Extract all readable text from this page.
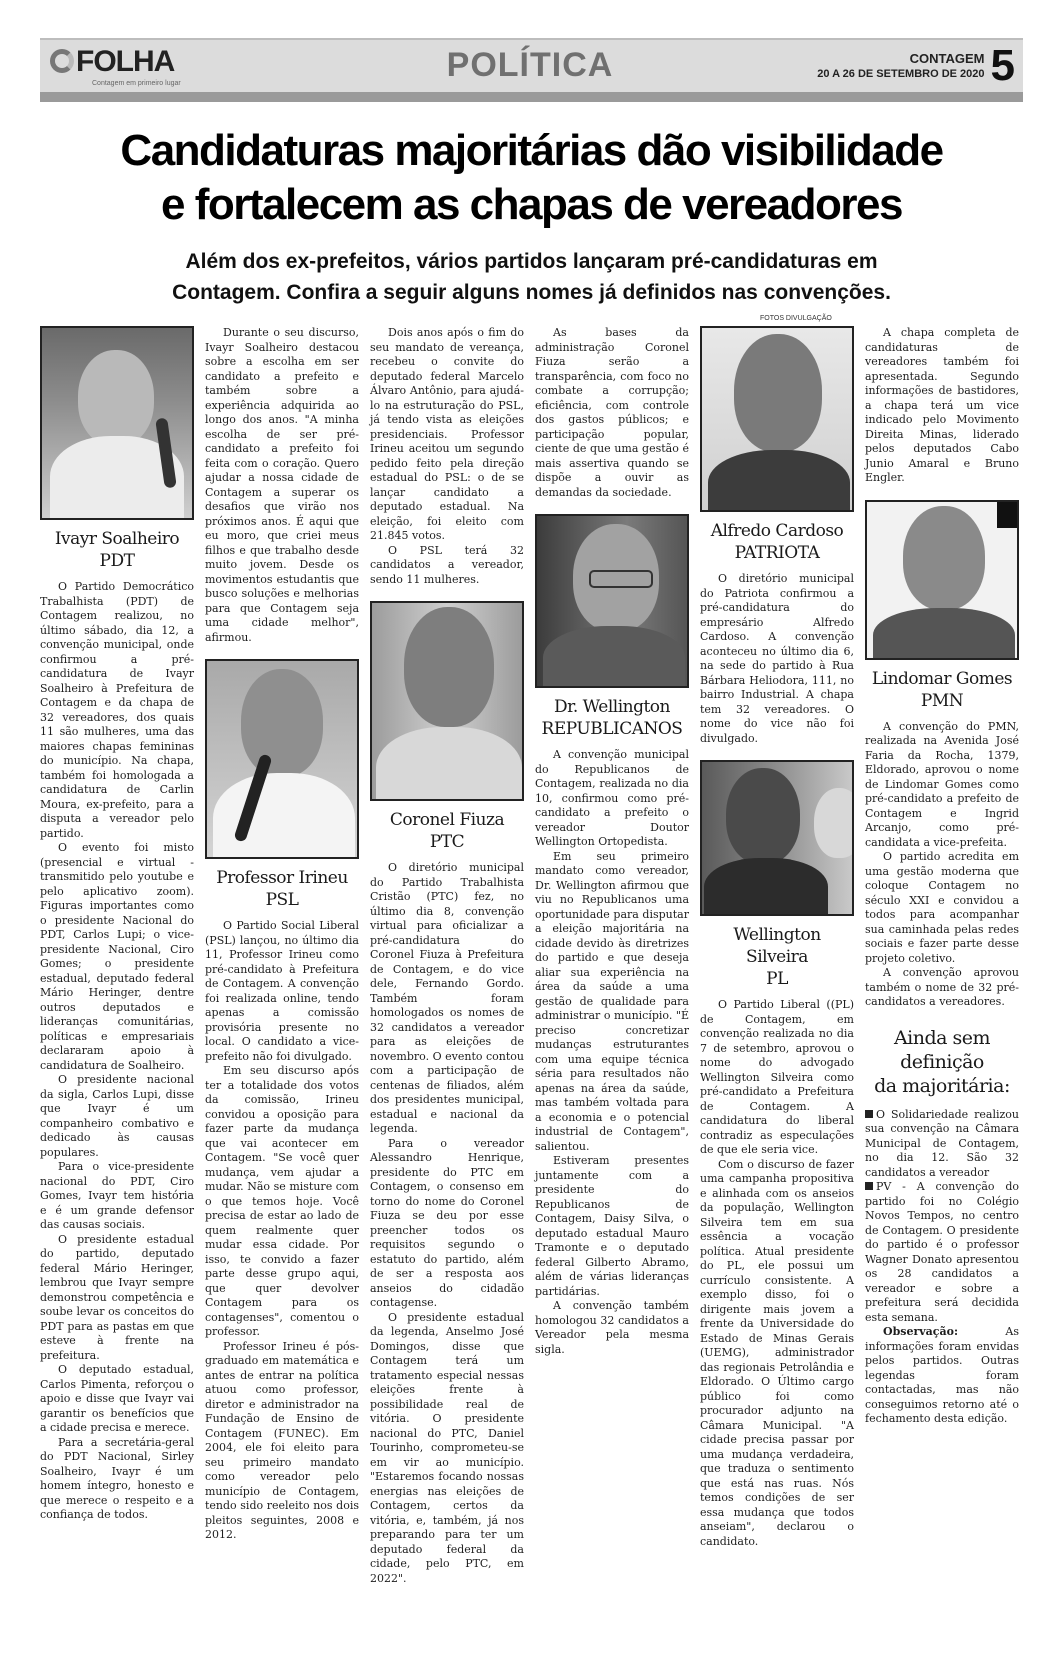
FOLHA
Contagem em primeiro lugar	POLÍTICA	CONTAGEM
20 A 26 DE SETEMBRO DE 2020 5
Candidaturas majoritárias dão visibilidade
e fortalecem as chapas de vereadores
Além dos ex-prefeitos, vários partidos lançaram pré-candidaturas em
Contagem. Confira a seguir alguns nomes já definidos nas convenções.
FOTOS DIVULGAÇÃO
Ivayr Soalheiro
PDT

O Partido Democrático Trabalhista (PDT) de Contagem realizou, no último sábado, dia 12, a convenção municipal, onde confirmou a pré-candidatura de Ivayr Soalheiro à Prefeitura de Contagem e da chapa de 32 vereadores, dos quais 11 são mulheres, uma das maiores chapas femininas do município. Na chapa, também foi homologada a candidatura de Carlin Moura, ex-prefeito, para a disputa a vereador pelo partido.

O evento foi misto (presencial e virtual - transmitido pelo youtube e pelo aplicativo zoom). Figuras importantes como o presidente Nacional do PDT, Carlos Lupi; o vice-presidente Nacional, Ciro Gomes; o presidente estadual, deputado federal Mário Heringer, dentre outros deputados e lideranças comunitárias, políticas e empresariais declararam apoio à candidatura de Soalheiro.

O presidente nacional da sigla, Carlos Lupi, disse que Ivayr é um companheiro combativo e dedicado às causas populares.

Para o vice-presidente nacional do PDT, Ciro Gomes, Ivayr tem história e é um grande defensor das causas sociais.

O presidente estadual do partido, deputado federal Mário Heringer, lembrou que Ivayr sempre demonstrou competência e soube levar os conceitos do PDT para as pastas em que esteve à frente na prefeitura.

O deputado estadual, Carlos Pimenta, reforçou o apoio e disse que Ivayr vai garantir os benefícios que a cidade precisa e merece.

Para a secretária-geral do PDT Nacional, Sirley Soalheiro, Ivayr é um homem íntegro, honesto e que merece o respeito e a confiança de todos.

Durante o seu discurso, Ivayr Soalheiro destacou sobre a escolha em ser candidato a prefeito e também sobre a experiência adquirida ao longo dos anos. "A minha escolha de ser pré-candidato a prefeito foi feita com o coração. Quero ajudar a nossa cidade de Contagem a superar os desafios que virão nos próximos anos. É aqui que eu moro, que criei meus filhos e que trabalho desde muito jovem. Desde os movimentos estudantis que busco soluções e melhorias para que Contagem seja uma cidade melhor", afirmou.

Professor Irineu
PSL

O Partido Social Liberal (PSL) lançou, no último dia 11, Professor Irineu como pré-candidato à Prefeitura de Contagem. A convenção foi realizada online, tendo apenas a comissão provisória presente no local. O candidato a vice-prefeito não foi divulgado.

Em seu discurso após ter a totalidade dos votos da comissão, Irineu convidou a oposição para fazer parte da mudança que vai acontecer em Contagem. "Se você quer mudança, vem ajudar a mudar. Não se misture com o que temos hoje. Você precisa de estar ao lado de quem realmente quer mudar essa cidade. Por isso, te convido a fazer parte desse grupo aqui, que quer devolver Contagem para os contagenses", comentou o professor.

Professor Irineu é pós-graduado em matemática e antes de entrar na política atuou como professor, diretor e administrador na Fundação de Ensino de Contagem (FUNEC). Em 2004, ele foi eleito para seu primeiro mandato como vereador pelo município de Contagem, tendo sido reeleito nos dois pleitos seguintes, 2008 e 2012.

Dois anos após o fim do seu mandato de vereança, recebeu o convite do deputado federal Marcelo Álvaro Antônio, para ajudá-lo na estruturação do PSL, já tendo vista as eleições presidenciais. Professor Irineu aceitou um segundo pedido feito pela direção estadual do PSL: o de se lançar candidato a deputado estadual. Na eleição, foi eleito com 21.845 votos.

O PSL terá 32 candidatos a vereador, sendo 11 mulheres.

Coronel Fiuza
PTC

O diretório municipal do Partido Trabalhista Cristão (PTC) fez, no último dia 8, convenção virtual para oficializar a pré-candidatura do Coronel Fiuza à Prefeitura de Contagem, e do vice dele, Fernando Gordo. Também foram homologados os nomes de 32 candidatos a vereador para as eleições de novembro. O evento contou com a participação de centenas de filiados, além dos presidentes municipal, estadual e nacional da legenda.

Para o vereador Alessandro Henrique, presidente do PTC em Contagem, o consenso em torno do nome do Coronel Fiuza se deu por esse preencher todos os requisitos segundo o estatuto do partido, além de ser a resposta aos anseios do cidadão contagense.

O presidente estadual da legenda, Anselmo José Domingos, disse que Contagem terá um tratamento especial nessas eleições frente à possibilidade real de vitória. O presidente nacional do PTC, Daniel Tourinho, comprometeu-se em vir ao município. "Estaremos focando nossas energias nas eleições de Contagem, certos da vitória, e, também, já nos preparando para ter um deputado federal da cidade, pelo PTC, em 2022".

As bases da administração Coronel Fiuza serão a transparência, com foco no combate a corrupção; eficiência, com controle dos gastos públicos; e participação popular, ciente de que uma gestão é mais assertiva quando se dispõe a ouvir as demandas da sociedade.

Dr. Wellington
REPUBLICANOS

A convenção municipal do Republicanos de Contagem, realizada no dia 10, confirmou como pré-candidato a prefeito o vereador Doutor Wellington Ortopedista.

Em seu primeiro mandato como vereador, Dr. Wellington afirmou que viu no Republicanos uma oportunidade para disputar a eleição majoritária na cidade devido às diretrizes do partido e que deseja aliar sua experiência na área da saúde a uma gestão de qualidade para administrar o município. "É preciso concretizar mudanças estruturantes com uma equipe técnica séria para resultados não apenas na área da saúde, mas também voltada para a economia e o potencial industrial de Contagem", salientou.

Estiveram presentes juntamente com a presidente do Republicanos de Contagem, Daisy Silva, o deputado estadual Mauro Tramonte e o deputado federal Gilberto Abramo, além de várias lideranças partidárias.

A convenção também homologou 32 candidatos a Vereador pela mesma sigla.

Alfredo Cardoso
PATRIOTA

O diretório municipal do Patriota confirmou a pré-candidatura do empresário Alfredo Cardoso. A convenção aconteceu no último dia 6, na sede do partido à Rua Bárbara Heliodora, 111, no bairro Industrial. A chapa tem 32 vereadores. O nome do vice não foi divulgado.

Wellington Silveira
PL

O Partido Liberal ((PL) de Contagem, em convenção realizada no dia 7 de setembro, aprovou o nome do advogado Wellington Silveira como pré-candidato a Prefeitura de Contagem. A candidatura do liberal contradiz as especulações de que ele seria vice.

Com o discurso de fazer uma campanha propositiva e alinhada com os anseios da população, Wellington Silveira tem em sua essência a vocação política. Atual presidente do PL, ele possui um currículo consistente. A exemplo disso, foi o dirigente mais jovem a frente da Universidade do Estado de Minas Gerais (UEMG), administrador das regionais Petrolândia e Eldorado. O Último cargo público foi como procurador adjunto na Câmara Municipal. "A cidade precisa passar por uma mudança verdadeira, que traduza o sentimento que está nas ruas. Nós temos condições de ser essa mudança que todos anseiam", declarou o candidato.

A chapa completa de candidaturas de vereadores também foi apresentada. Segundo informações de bastidores, a chapa terá um vice indicado pelo Movimento Direita Minas, liderado pelos deputados Cabo Junio Amaral e Bruno Engler.

Lindomar Gomes
PMN

A convenção do PMN, realizada na Avenida José Faria da Rocha, 1379, Eldorado, aprovou o nome de Lindomar Gomes como pré-candidato a prefeito de Contagem e Ingrid Arcanjo, como pré-candidata a vice-prefeita.

O partido acredita em uma gestão moderna que coloque Contagem no século XXI e convidou a todos para acompanhar sua caminhada pelas redes sociais e fazer parte desse projeto coletivo.

A convenção aprovou também o nome de 32 pré-candidatos a vereadores.

Ainda sem definição
da majoritária:

O Solidariedade realizou sua convenção na Câmara Municipal de Contagem, no dia 12. São 32 candidatos a vereador

PV - A convenção do partido foi no Colégio Novos Tempos, no centro de Contagem. O presidente do partido é o professor Wagner Donato apresentou os 28 candidatos a vereador e sobre a prefeitura será decidida esta semana.

Observação:	As informações foram envidas pelos partidos. Outras legendas foram contactadas, mas não conseguimos retorno até o fechamento desta edição.
